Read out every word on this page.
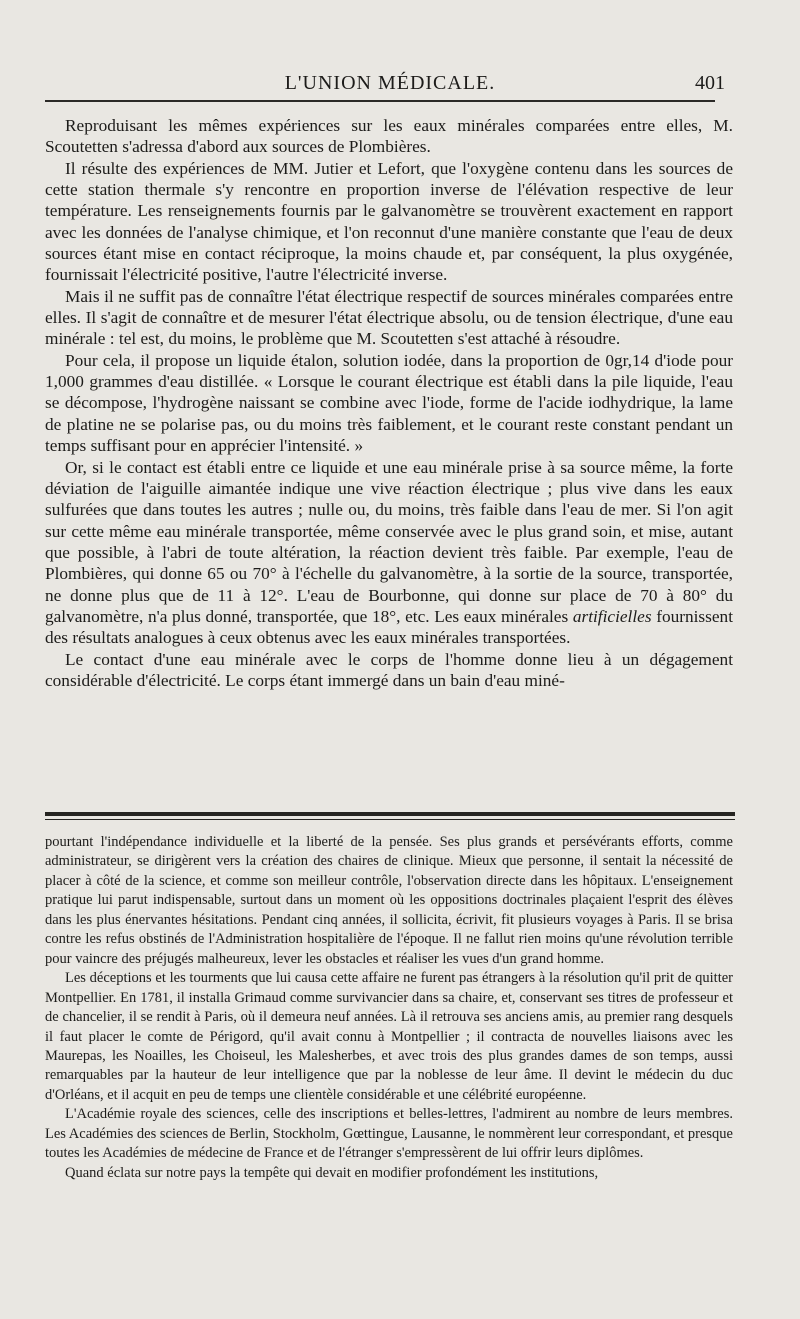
L'UNION MÉDICALE.	401

Reproduisant les mêmes expériences sur les eaux minérales comparées entre elles, M. Scoutetten s'adressa d'abord aux sources de Plombières.

Il résulte des expériences de MM. Jutier et Lefort, que l'oxygène contenu dans les sources de cette station thermale s'y rencontre en proportion inverse de l'élévation respective de leur température. Les renseignements fournis par le galvanomètre se trouvèrent exactement en rapport avec les données de l'analyse chimique, et l'on reconnut d'une manière constante que l'eau de deux sources étant mise en contact réciproque, la moins chaude et, par conséquent, la plus oxygénée, fournissait l'électricité positive, l'autre l'électricité inverse.

Mais il ne suffit pas de connaître l'état électrique respectif de sources minérales comparées entre elles. Il s'agit de connaître et de mesurer l'état électrique absolu, ou de tension électrique, d'une eau minérale : tel est, du moins, le problème que M. Scoutetten s'est attaché à résoudre.

Pour cela, il propose un liquide étalon, solution iodée, dans la proportion de 0gr,14 d'iode pour 1,000 grammes d'eau distillée. « Lorsque le courant électrique est établi dans la pile liquide, l'eau se décompose, l'hydrogène naissant se combine avec l'iode, forme de l'acide iodhydrique, la lame de platine ne se polarise pas, ou du moins très faiblement, et le courant reste constant pendant un temps suffisant pour en apprécier l'intensité. »

Or, si le contact est établi entre ce liquide et une eau minérale prise à sa source même, la forte déviation de l'aiguille aimantée indique une vive réaction électrique ; plus vive dans les eaux sulfurées que dans toutes les autres ; nulle ou, du moins, très faible dans l'eau de mer. Si l'on agit sur cette même eau minérale transportée, même conservée avec le plus grand soin, et mise, autant que possible, à l'abri de toute altération, la réaction devient très faible. Par exemple, l'eau de Plombières, qui donne 65 ou 70° à l'échelle du galvanomètre, à la sortie de la source, transportée, ne donne plus que de 11 à 12°. L'eau de Bourbonne, qui donne sur place de 70 à 80° du galvanomètre, n'a plus donné, transportée, que 18°, etc. Les eaux minérales artificielles fournissent des résultats analogues à ceux obtenus avec les eaux minérales transportées.

Le contact d'une eau minérale avec le corps de l'homme donne lieu à un dégagement considérable d'électricité. Le corps étant immergé dans un bain d'eau miné-

pourtant l'indépendance individuelle et la liberté de la pensée. Ses plus grands et persévérants efforts, comme administrateur, se dirigèrent vers la création des chaires de clinique. Mieux que personne, il sentait la nécessité de placer à côté de la science, et comme son meilleur contrôle, l'observation directe dans les hôpitaux. L'enseignement pratique lui parut indispensable, surtout dans un moment où les oppositions doctrinales plaçaient l'esprit des élèves dans les plus énervantes hésitations. Pendant cinq années, il sollicita, écrivit, fit plusieurs voyages à Paris. Il se brisa contre les refus obstinés de l'Administration hospitalière de l'époque. Il ne fallut rien moins qu'une révolution terrible pour vaincre des préjugés malheureux, lever les obstacles et réaliser les vues d'un grand homme.

Les déceptions et les tourments que lui causa cette affaire ne furent pas étrangers à la résolution qu'il prit de quitter Montpellier. En 1781, il installa Grimaud comme survivancier dans sa chaire, et, conservant ses titres de professeur et de chancelier, il se rendit à Paris, où il demeura neuf années. Là il retrouva ses anciens amis, au premier rang desquels il faut placer le comte de Périgord, qu'il avait connu à Montpellier ; il contracta de nouvelles liaisons avec les Maurepas, les Noailles, les Choiseul, les Malesherbes, et avec trois des plus grandes dames de son temps, aussi remarquables par la hauteur de leur intelligence que par la noblesse de leur âme. Il devint le médecin du duc d'Orléans, et il acquit en peu de temps une clientèle considérable et une célébrité européenne.

L'Académie royale des sciences, celle des inscriptions et belles-lettres, l'admirent au nombre de leurs membres. Les Académies des sciences de Berlin, Stockholm, Gœttingue, Lausanne, le nommèrent leur correspondant, et presque toutes les Académies de médecine de France et de l'étranger s'empressèrent de lui offrir leurs diplômes.

Quand éclata sur notre pays la tempête qui devait en modifier profondément les institutions,
